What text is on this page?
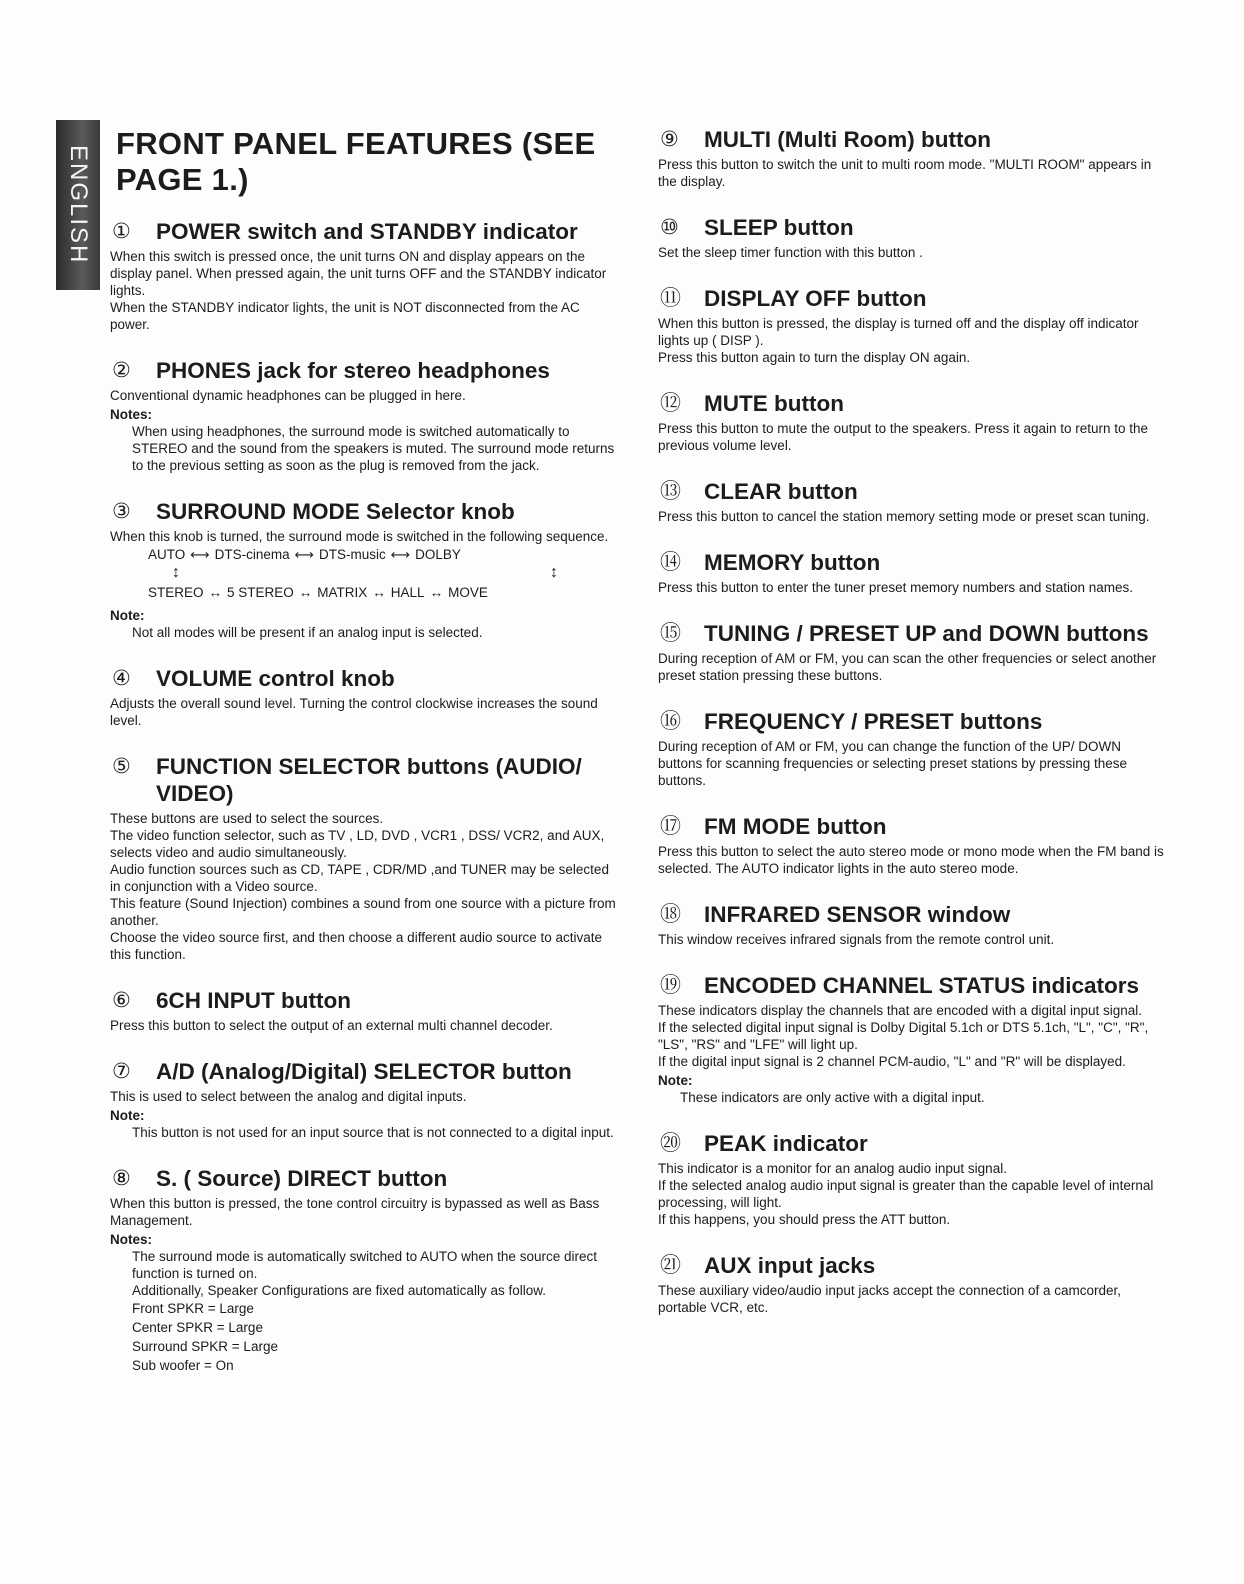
ENGLISH
FRONT PANEL FEATURES (SEE PAGE 1.)
①	POWER switch and STANDBY indicator
When this switch is pressed once, the unit turns ON and display appears on the display panel. When pressed again, the unit turns OFF and the STANDBY indicator lights.
When the STANDBY indicator lights, the unit is NOT disconnected from the AC power.
②	PHONES jack for stereo headphones
Conventional dynamic headphones can be plugged in here.
Notes:
When using headphones, the surround mode is switched automatically to STEREO and the sound from the speakers is muted. The surround mode returns to the previous setting as soon as the plug is removed from the jack.
③	SURROUND MODE Selector knob
When this knob is turned, the surround mode is switched in the following sequence.
AUTO ⟷ DTS-cinema ⟷ DTS-music ⟷ DOLBY
↕	↕
STEREO ↔ 5 STEREO ↔ MATRIX ↔ HALL ↔ MOVE
Note:
Not all modes will be present if an analog input is selected.
④	VOLUME control knob
Adjusts the overall sound level. Turning the control clockwise increases the sound level.
⑤	FUNCTION SELECTOR buttons (AUDIO/ VIDEO)
These buttons are used to select the sources.
The video function selector, such as TV , LD, DVD , VCR1 , DSS/ VCR2, and AUX, selects video and audio simultaneously.
Audio function sources such as CD, TAPE , CDR/MD ,and TUNER may be selected in conjunction with a Video source.
This feature (Sound Injection) combines a sound from one source with a picture from another.
Choose the video source first, and then choose a different audio source to activate this function.
⑥	6CH INPUT button
Press this button to select the output of an external multi channel decoder.
⑦	A/D (Analog/Digital) SELECTOR button
This is used to select between the analog and digital inputs.
Note:
This button is not used for an input source that is not connected to a digital input.
⑧	S. ( Source) DIRECT button
When this button is pressed, the tone control circuitry is bypassed as well as Bass Management.
Notes:
The surround mode is automatically switched to AUTO when the source direct function is turned on.
Additionally, Speaker Configurations are fixed automatically as follow.
Front SPKR = Large
Center SPKR = Large
Surround SPKR = Large
Sub woofer = On
⑨	MULTI (Multi Room) button
Press this button to switch the unit to multi room mode. "MULTI ROOM" appears in the display.
⑩	SLEEP button
Set the sleep timer function with this button .
⑪	DISPLAY OFF button
When this button is pressed, the display is turned off and the display off indicator lights up ( DISP ).
Press this button again to turn the display ON again.
⑫	MUTE button
Press this button to mute the output to the speakers. Press it again to return to the previous volume level.
⑬	CLEAR button
Press this button to cancel the station memory setting mode or preset scan tuning.
⑭	MEMORY button
Press this button to enter the tuner preset memory numbers and station names.
⑮	TUNING / PRESET UP and DOWN buttons
During reception of AM or FM, you can scan the other frequencies or select another preset station pressing these buttons.
⑯	FREQUENCY / PRESET buttons
During reception of AM or FM, you can change the function of the UP/ DOWN buttons for scanning frequencies or selecting preset stations by pressing these buttons.
⑰	FM MODE button
Press this button to select the auto stereo mode or mono mode when the FM band is selected. The AUTO indicator lights in the auto stereo mode.
⑱	INFRARED SENSOR window
This window receives infrared signals from the remote control unit.
⑲	ENCODED CHANNEL STATUS indicators
These indicators display the channels that are encoded with a digital input signal.
If the selected digital input signal is Dolby Digital 5.1ch or DTS 5.1ch, "L", "C", "R", "LS", "RS" and "LFE" will light up.
If the digital input signal is 2 channel PCM-audio, "L" and "R" will be displayed.
Note:
These indicators are only active with a digital input.
⑳	PEAK indicator
This indicator is a monitor for an analog audio input signal.
If the selected analog audio input signal is greater than the capable level of internal processing, will light.
If this happens, you should press the ATT button.
㉑	AUX input jacks
These auxiliary video/audio input jacks accept the connection of a camcorder, portable VCR, etc.
